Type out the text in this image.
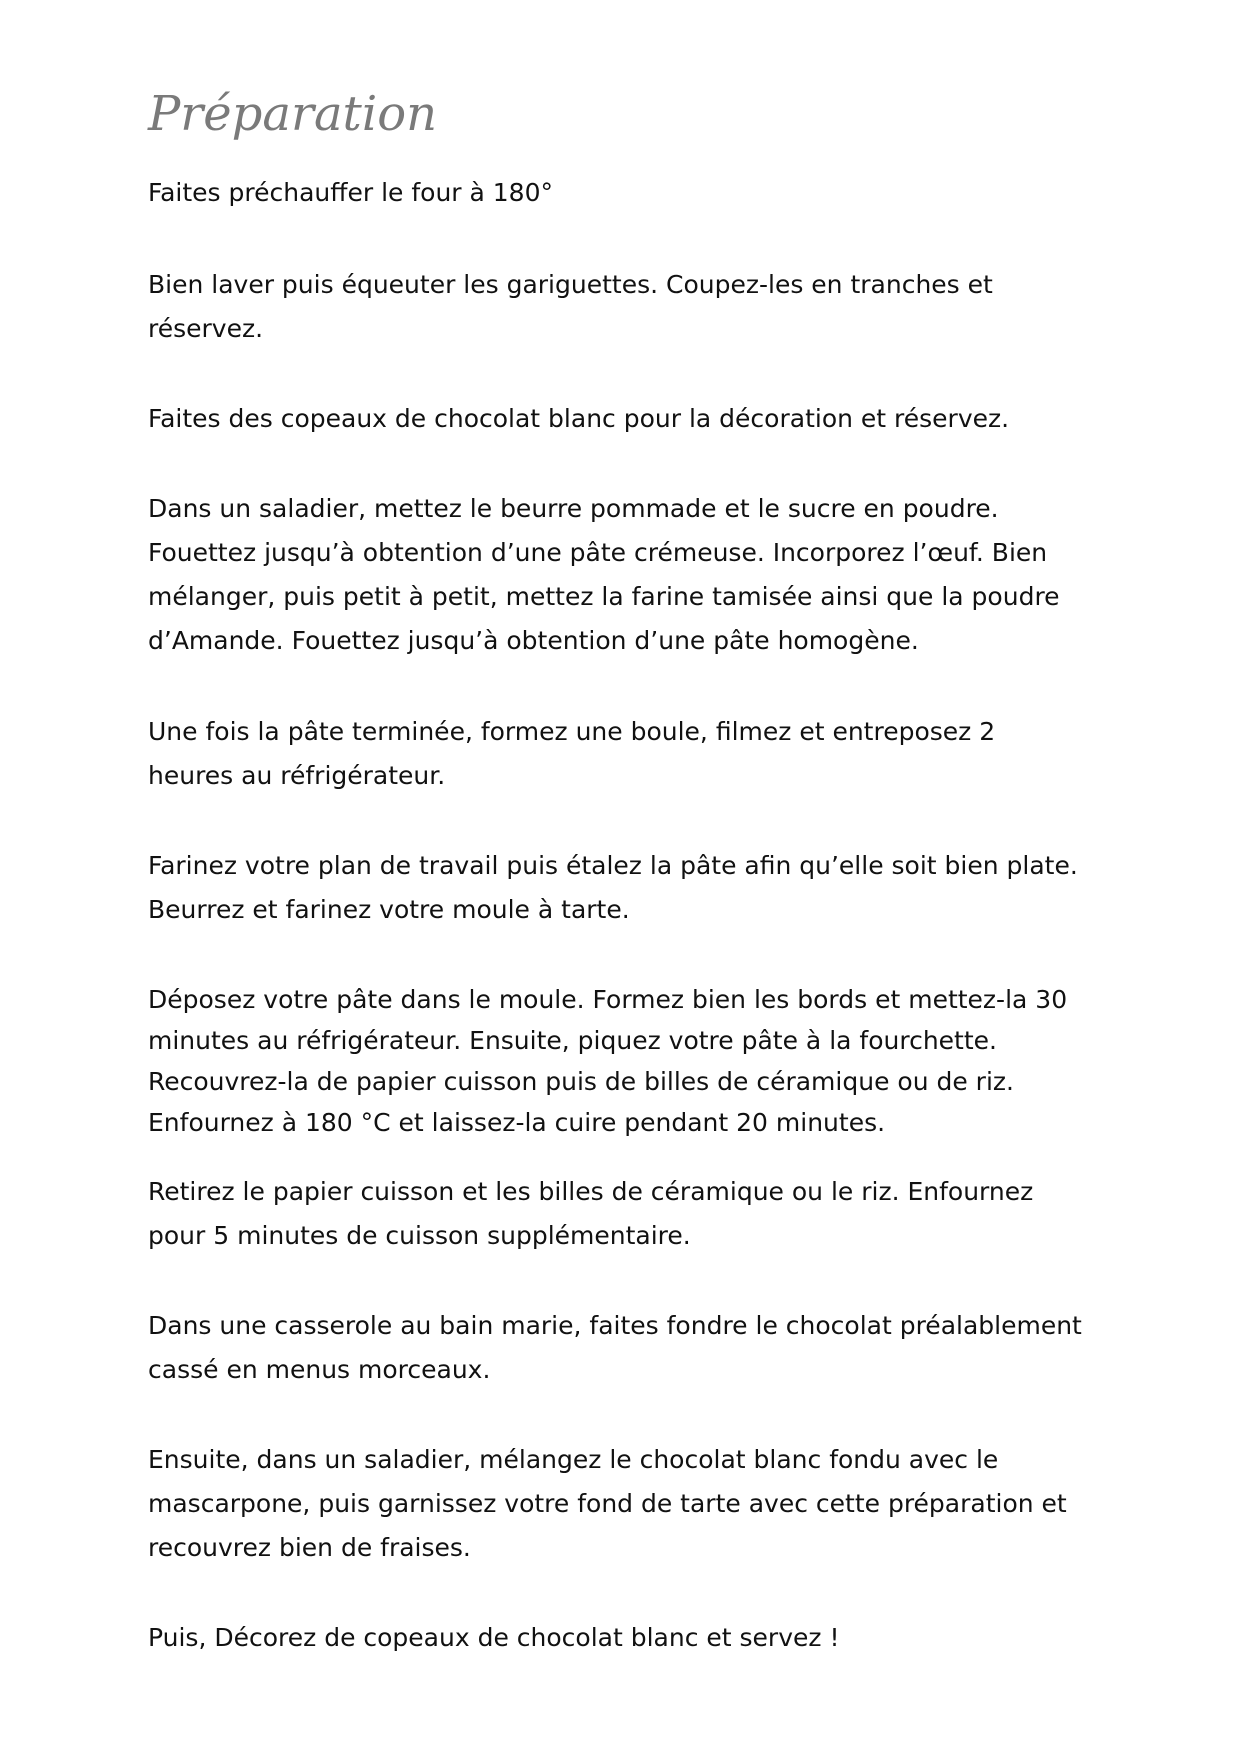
Préparation

Faites préchauffer le four à 180°

Bien laver puis équeuter les gariguettes. Coupez-les en tranches et
réservez.

Faites des copeaux de chocolat blanc pour la décoration et réservez.

Dans un saladier, mettez le beurre pommade et le sucre en poudre.
Fouettez jusqu’à obtention d’une pâte crémeuse. Incorporez l’œuf. Bien
mélanger, puis petit à petit, mettez la farine tamisée ainsi que la poudre
d’Amande. Fouettez jusqu’à obtention d’une pâte homogène.

Une fois la pâte terminée, formez une boule, filmez et entreposez 2
heures au réfrigérateur.

Farinez votre plan de travail puis étalez la pâte afin qu’elle soit bien plate.
Beurrez et farinez votre moule à tarte.

Déposez votre pâte dans le moule. Formez bien les bords et mettez-la 30
minutes au réfrigérateur. Ensuite, piquez votre pâte à la fourchette.
Recouvrez-la de papier cuisson puis de billes de céramique ou de riz.
Enfournez à 180 °C et laissez-la cuire pendant 20 minutes.

Retirez le papier cuisson et les billes de céramique ou le riz. Enfournez
pour 5 minutes de cuisson supplémentaire.

Dans une casserole au bain marie, faites fondre le chocolat préalablement
cassé en menus morceaux.

Ensuite, dans un saladier, mélangez le chocolat blanc fondu avec le
mascarpone, puis garnissez votre fond de tarte avec cette préparation et
recouvrez bien de fraises.

Puis, Décorez de copeaux de chocolat blanc et servez !
